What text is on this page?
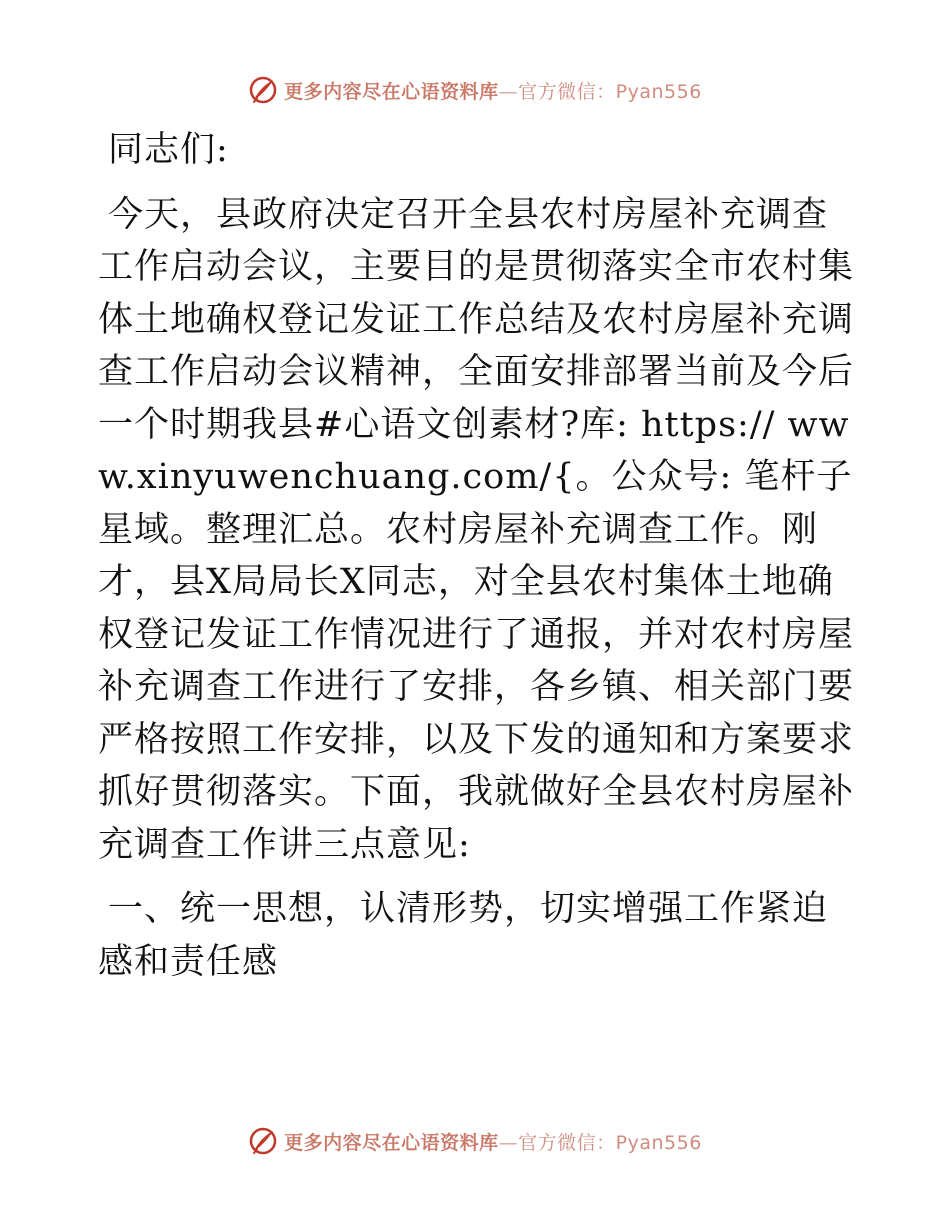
更多内容尽在心语资料库—官方微信：Pyan556

同志们:

今天，县政府决定召开全县农村房屋补充调查工作启动会议，主要目的是贯彻落实全市农村集体土地确权登记发证工作总结及农村房屋补充调查工作启动会议精神，全面安排部署当前及今后一个时期我县#心语文创素材?库: https:// www.xinyuwenchuang.com/{。公众号: 笔杆子星域。整理汇总。农村房屋补充调查工作。刚才，县X局局长X同志，对全县农村集体土地确权登记发证工作情况进行了通报，并对农村房屋补充调查工作进行了安排，各乡镇、相关部门要严格按照工作安排，以及下发的通知和方案要求抓好贯彻落实。下面，我就做好全县农村房屋补充调查工作讲三点意见:

一、统一思想，认清形势，切实增强工作紧迫感和责任感

更多内容尽在心语资料库—官方微信：Pyan556
